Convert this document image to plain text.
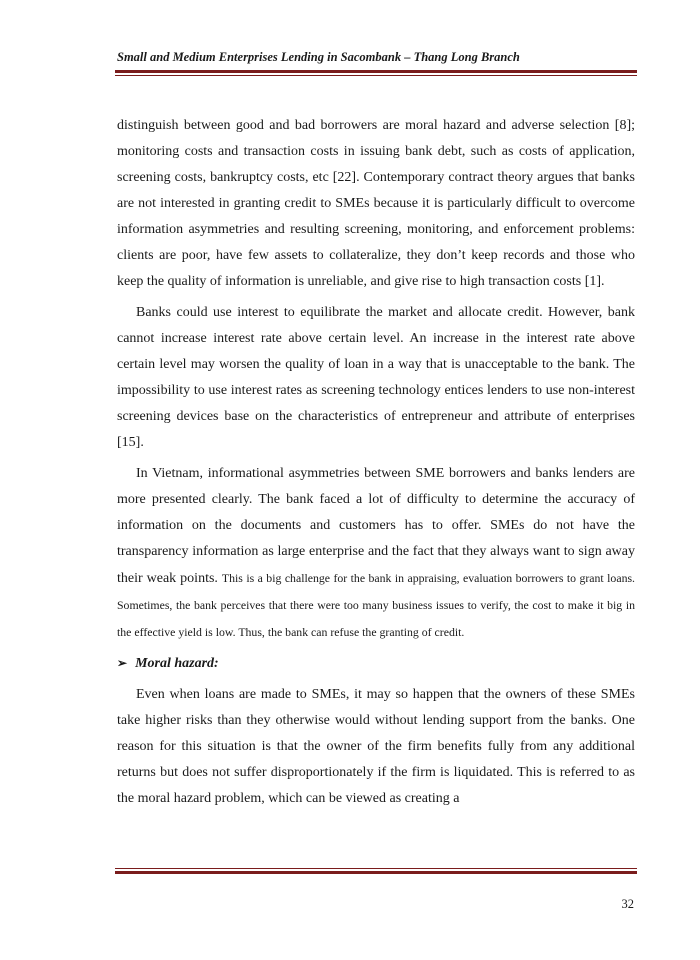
Small and Medium Enterprises Lending in Sacombank – Thang Long Branch

distinguish between good and bad borrowers are moral hazard and adverse selection [8]; monitoring costs and transaction costs in issuing bank debt, such as costs of application, screening costs, bankruptcy costs, etc [22]. Contemporary contract theory argues that banks are not interested in granting credit to SMEs because it is particularly difficult to overcome information asymmetries and resulting screening, monitoring, and enforcement problems: clients are poor, have few assets to collateralize, they don’t keep records and those who keep the quality of information is unreliable, and give rise to high transaction costs [1].

Banks could use interest to equilibrate the market and allocate credit. However, bank cannot increase interest rate above certain level. An increase in the interest rate above certain level may worsen the quality of loan in a way that is unacceptable to the bank. The impossibility to use interest rates as screening technology entices lenders to use non-interest screening devices base on the characteristics of entrepreneur and attribute of enterprises [15].

In Vietnam, informational asymmetries between SME borrowers and banks lenders are more presented clearly. The bank faced a lot of difficulty to determine the accuracy of information on the documents and customers has to offer. SMEs do not have the transparency information as large enterprise and the fact that they always want to sign away their weak points. This is a big challenge for the bank in appraising, evaluation borrowers to grant loans. Sometimes, the bank perceives that there were too many business issues to verify, the cost to make it big in the effective yield is low. Thus, the bank can refuse the granting of credit.

➢ Moral hazard:

Even when loans are made to SMEs, it may so happen that the owners of these SMEs take higher risks than they otherwise would without lending support from the banks. One reason for this situation is that the owner of the firm benefits fully from any additional returns but does not suffer disproportionately if the firm is liquidated. This is referred to as the moral hazard problem, which can be viewed as creating a

32
